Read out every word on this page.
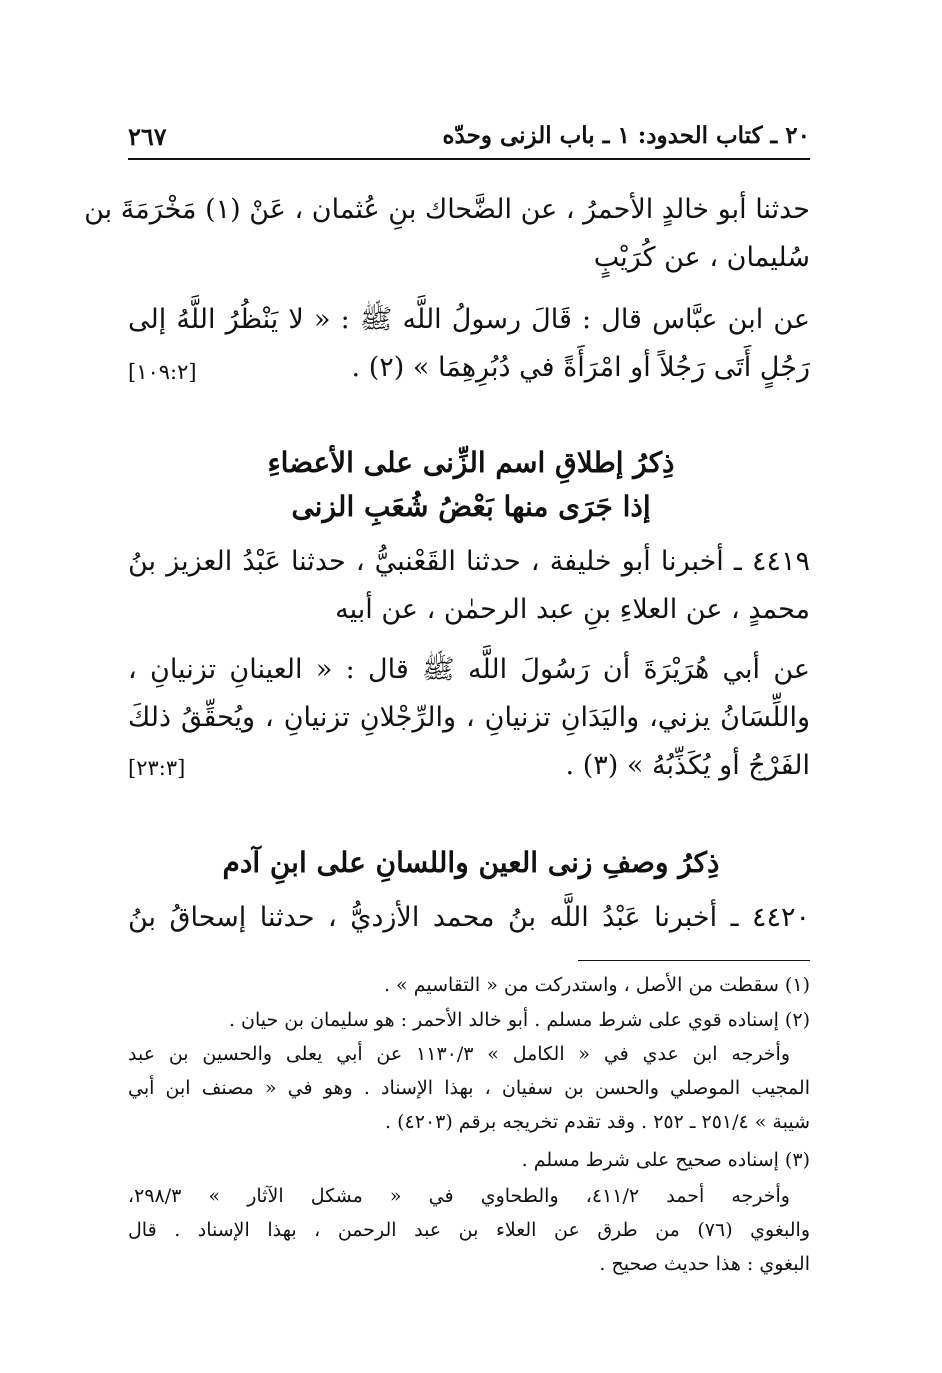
٢٠ ـ كتاب الحدود: ١ ـ باب الزنى وحدّه
٢٦٧
حدثنا أبو خالدٍ الأحمرُ ، عن الضَّحاك بنِ عُثمان ، عَنْ (١) مَخْرَمَةَ بن
سُليمان ، عن كُرَيْبٍ
عن ابن عبَّاس قال : قَالَ رسولُ اللَّه ﷺ : « لا يَنْظُرُ اللَّهُ إلى
رَجُلٍ أَتَى رَجُلاً أو امْرَأَةً في دُبُرِهِمَا » (٢) .
[١٠٩:٢]
ذِكرُ إطلاقِ اسم الزِّنى على الأعضاءِ
إذا جَرَى منها بَعْضُ شُعَبِ الزنى
٤٤١٩ ـ أخبرنا أبو خليفة ، حدثنا القَعْنبيُّ ، حدثنا عَبْدُ العزيز بنُ
محمدٍ ، عن العلاءِ بنِ عبد الرحمٰن ، عن أبيه
عن أبي هُرَيْرَةَ أن رَسُولَ اللَّه ﷺ قال : « العينانِ تزنيانِ ،
واللِّسَانُ يزني، واليَدَانِ تزنيانِ ، والرِّجْلانِ تزنيانِ ، ويُحقِّقُ ذلكَ
الفَرْجُ أو يُكَذِّبُهُ » (٣) .
[٢٣:٣]
ذِكرُ وصفِ زنى العين واللسانِ على ابنِ آدم
٤٤٢٠ ـ أخبرنا عَبْدُ اللَّه بنُ محمد الأزديُّ ، حدثنا إسحاقُ بنُ
(١) سقطت من الأصل ، واستدركت من « التقاسيم » .
(٢) إسناده قوي على شرط مسلم . أبو خالد الأحمر : هو سليمان بن حيان .
وأخرجه ابن عدي في « الكامل » ١١٣٠/٣ عن أبي يعلى والحسين بن عبد
المجيب الموصلي والحسن بن سفيان ، بهذا الإسناد . وهو في « مصنف ابن أبي
شيبة » ٢٥١/٤ ـ ٢٥٢ . وقد تقدم تخريجه برقم (٤٢٠٣) .
(٣) إسناده صحيح على شرط مسلم .
وأخرجه أحمد ٤١١/٢، والطحاوي في « مشكل الآثار » ٢٩٨/٣،
والبغوي (٧٦) من طرق عن العلاء بن عبد الرحمن ، بهذا الإسناد . قال
البغوي : هذا حديث صحيح .
